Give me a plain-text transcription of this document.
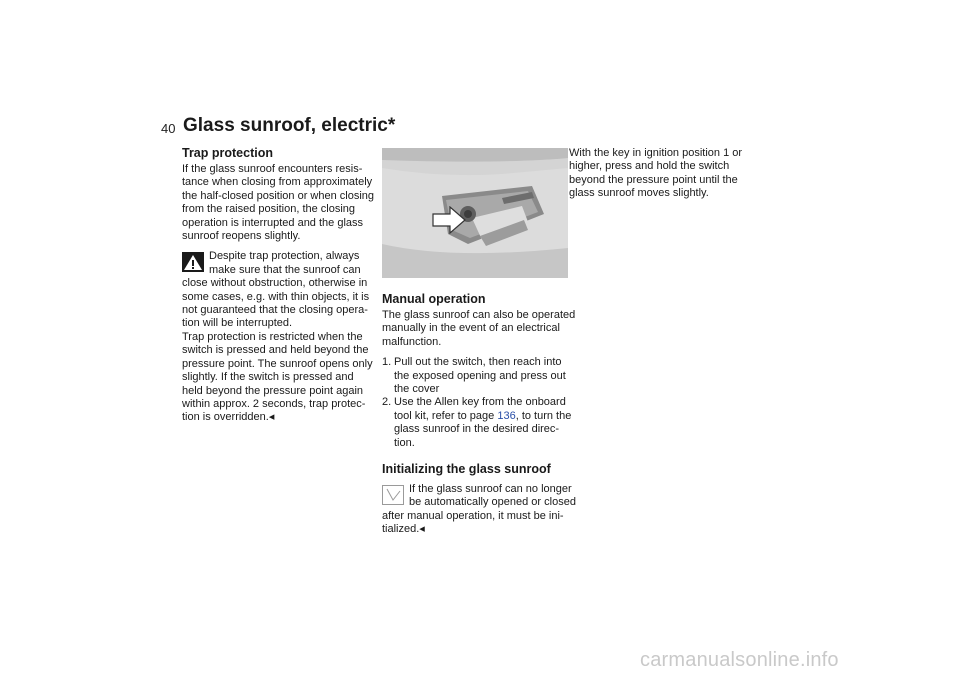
40 Glass sunroof, electric*
Trap protection

If the glass sunroof encounters resis-tance when closing from approximately the half-closed position or when closing from the raised position, the closing operation is interrupted and the glass sunroof reopens slightly.

Despite trap protection, always make sure that the sunroof can

close without obstruction, otherwise in some cases, e.g. with thin objects, it is not guaranteed that the closing opera-tion will be interrupted.

Trap protection is restricted when the switch is pressed and held beyond the pressure point. The sunroof opens only slightly. If the switch is pressed and held beyond the pressure point again within approx. 2 seconds, trap protec-tion is overridden.◂

Manual operation

The glass sunroof can also be operated manually in the event of an electrical malfunction.

1. Pull out the switch, then reach into the exposed opening and press out the cover
2. Use the Allen key from the onboard tool kit, refer to page 136, to turn the glass sunroof in the desired direc-tion.
Initializing the glass sunroof

If the glass sunroof can no longer be automatically opened or closed

after manual operation, it must be ini-tialized.◂

With the key in ignition position 1 or higher, press and hold the switch beyond the pressure point until the glass sunroof moves slightly.

carmanualsonline.info
